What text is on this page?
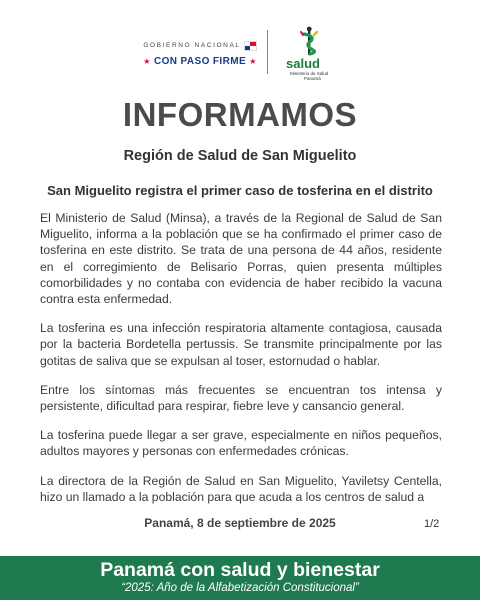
GOBIERNO NACIONAL
★ CON PASO FIRME ★ salud
Ministerio de Salud
Panamá
INFORMAMOS
Región de Salud de San Miguelito
San Miguelito registra el primer caso de tosferina en el distrito

El Ministerio de Salud (Minsa), a través de la Regional de Salud de San Miguelito, informa a la población que se ha confirmado el primer caso de tosferina en este distrito. Se trata de una persona de 44 años, residente en el corregimiento de Belisario Porras, quien presenta múltiples comorbilidades y no contaba con evidencia de haber recibido la vacuna contra esta enfermedad.

La tosferina es una infección respiratoria altamente contagiosa, causada por la bacteria Bordetella pertussis. Se transmite principalmente por las gotitas de saliva que se expulsan al toser, estornudad o hablar.

Entre los síntomas más frecuentes se encuentran tos intensa y persistente, dificultad para respirar, fiebre leve y cansancio general.

La tosferina puede llegar a ser grave, especialmente en niños pequeños, adultos mayores y personas con enfermedades crónicas.

La directora de la Región de Salud en San Miguelito, Yaviletsy Centella, hizo un llamado a la población para que acuda a los centros de salud a

Panamá, 8 de septiembre de 2025	1/2
Panamá con salud y bienestar
“2025: Año de la Alfabetización Constitucional”
